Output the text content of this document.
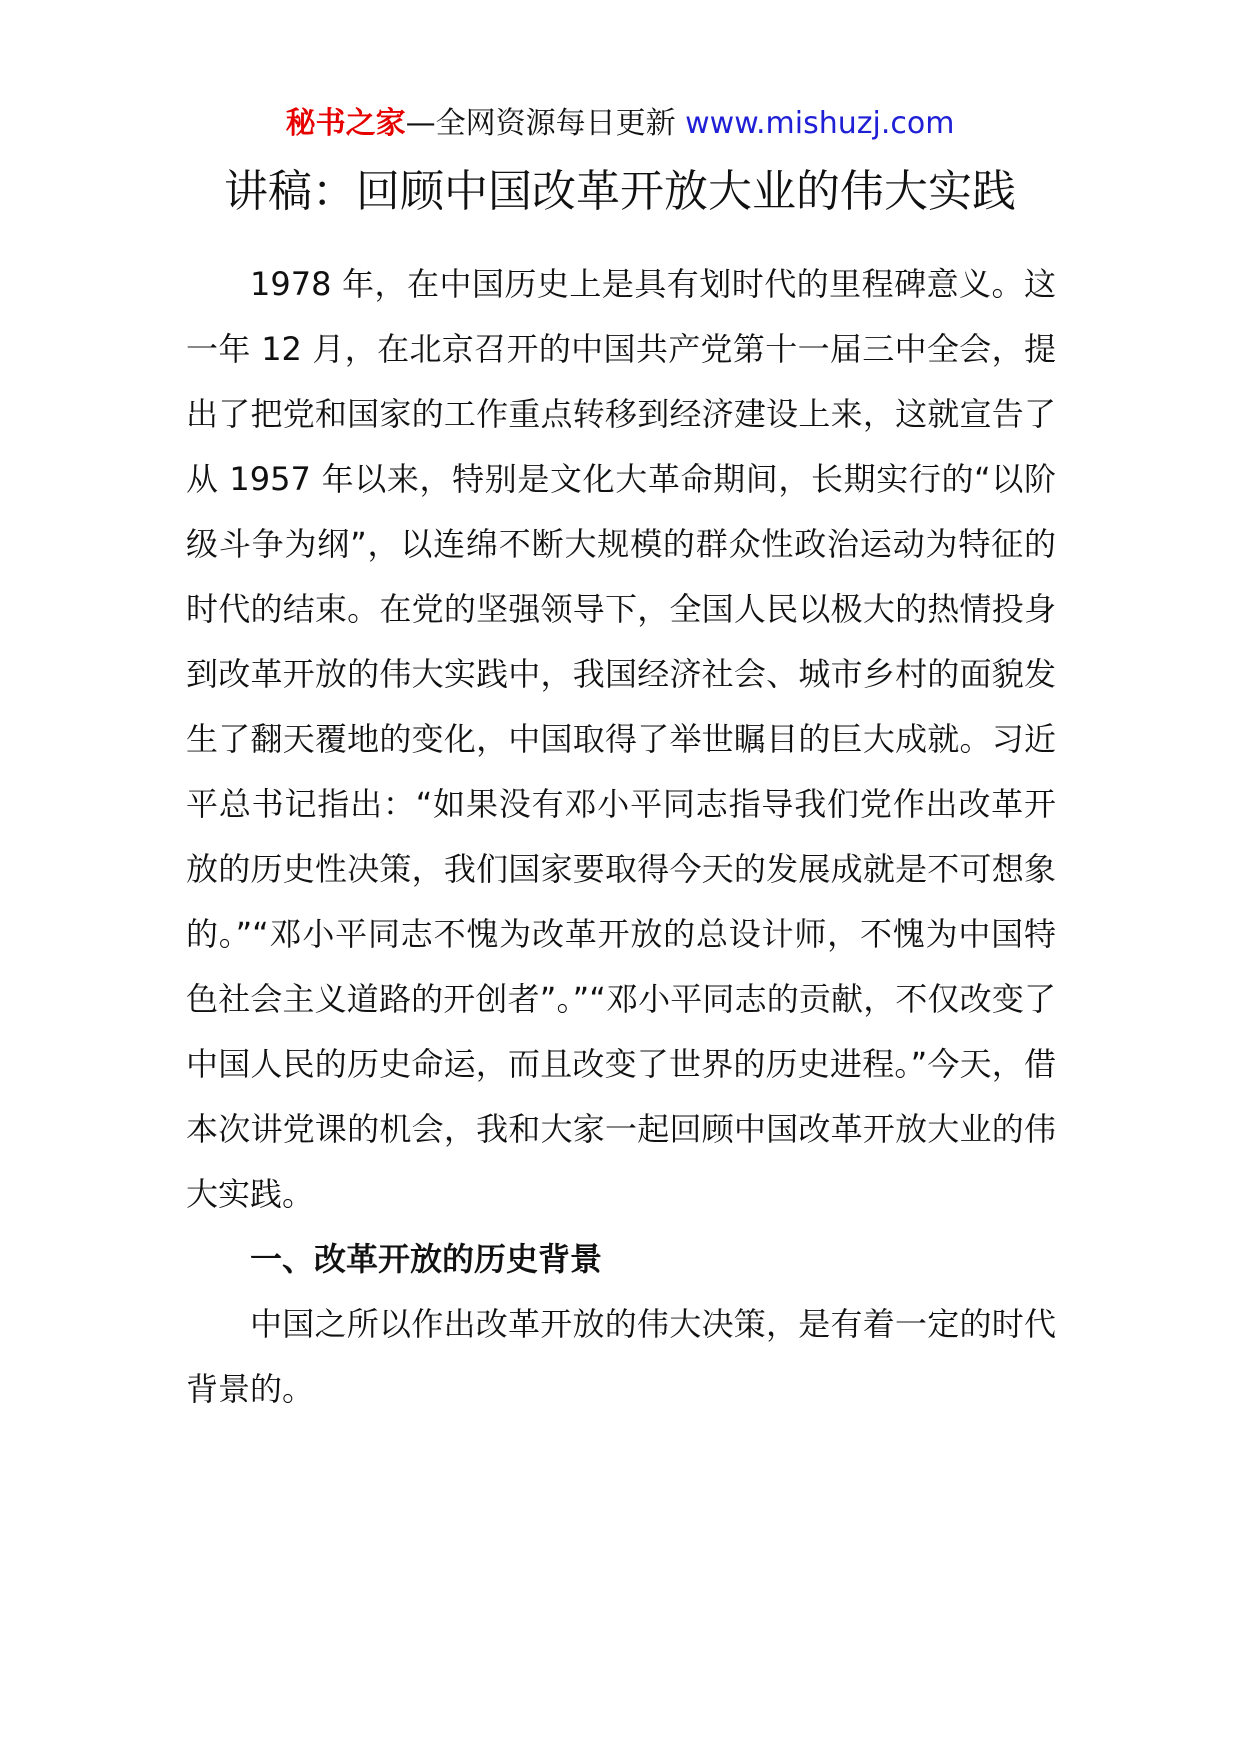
秘书之家—全网资源每日更新 www.mishuzj.com
讲稿：回顾中国改革开放大业的伟大实践

1978 年，在中国历史上是具有划时代的里程碑意义。这一年 12 月，在北京召开的中国共产党第十一届三中全会，提出了把党和国家的工作重点转移到经济建设上来，这就宣告了从 1957 年以来，特别是文化大革命期间，长期实行的“以阶级斗争为纲”，以连绵不断大规模的群众性政治运动为特征的时代的结束。在党的坚强领导下，全国人民以极大的热情投身到改革开放的伟大实践中，我国经济社会、城市乡村的面貌发生了翻天覆地的变化，中国取得了举世瞩目的巨大成就。习近平总书记指出：“如果没有邓小平同志指导我们党作出改革开放的历史性决策，我们国家要取得今天的发展成就是不可想象的。”“邓小平同志不愧为改革开放的总设计师，不愧为中国特色社会主义道路的开创者”。”“邓小平同志的贡献，不仅改变了中国人民的历史命运，而且改变了世界的历史进程。”今天，借本次讲党课的机会，我和大家一起回顾中国改革开放大业的伟大实践。

一、改革开放的历史背景

中国之所以作出改革开放的伟大决策，是有着一定的时代背景的。
